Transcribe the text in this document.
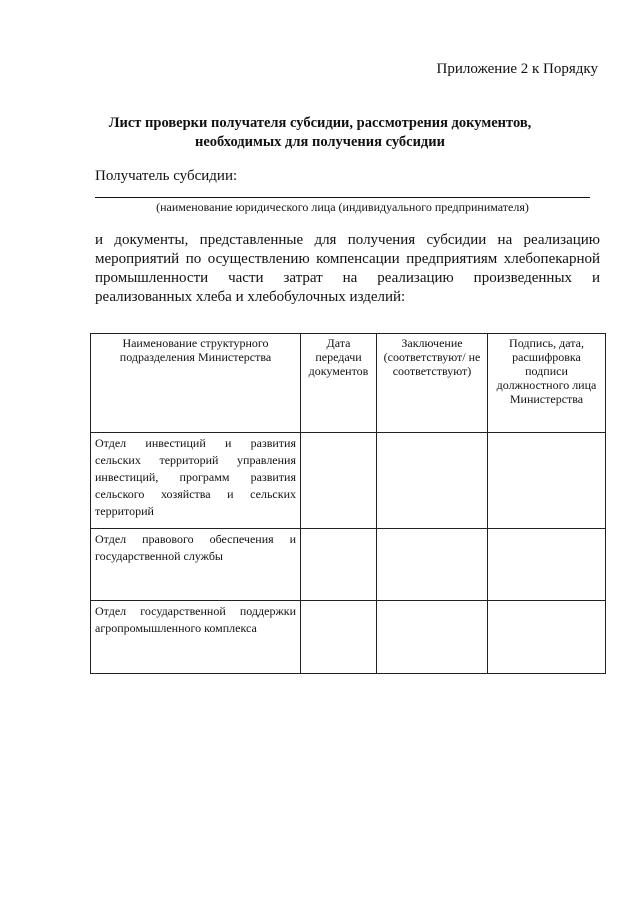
Приложение 2 к Порядку
Лист проверки получателя субсидии, рассмотрения документов, необходимых для получения субсидии
Получатель субсидии:
(наименование юридического лица (индивидуального предпринимателя)
и документы, представленные для получения субсидии на реализацию мероприятий по осуществлению компенсации предприятиям хлебопекарной промышленности части затрат на реализацию произведенных и реализованных хлеба и хлебобулочных изделий:
Наименование структурного подразделения Министерства	Дата передачи документов	Заключение (соответствуют/ не соответствуют)	Подпись, дата, расшифровка подписи должностного лица Министерства
Отдел инвестиций и развития сельских территорий управления инвестиций, программ развития сельского хозяйства и сельских территорий			
Отдел правового обеспечения и государственной службы			
Отдел государственной поддержки агропромышленного комплекса			
